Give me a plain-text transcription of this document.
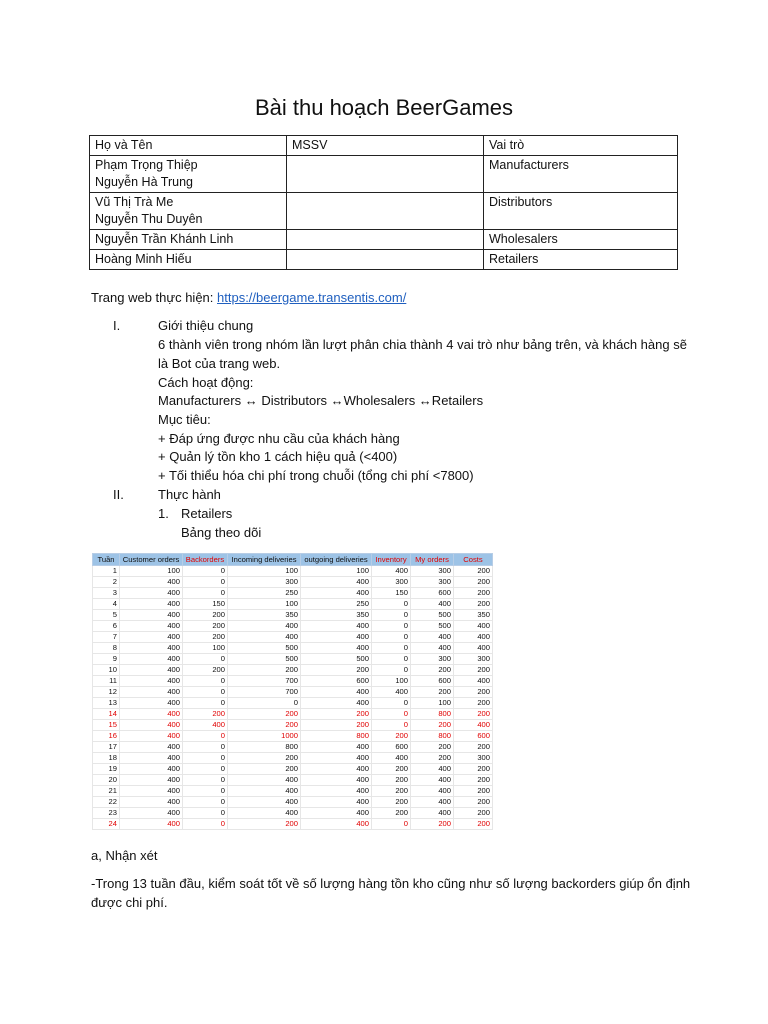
Bài thu hoạch BeerGames
Họ và Tên	MSSV	Vai trò

Phạm Trọng Thiệp
Nguyễn Hà Trung		Manufacturers

Vũ Thị Trà Me
Nguyễn Thu Duyên		Distributors

Nguyễn Trần Khánh Linh		Wholesalers

Hoàng Minh Hiếu		Retailers
Trang web thực hiện: https://beergame.transentis.com/
I.	Giới thiệu chung
6 thành viên trong nhóm lần lượt phân chia thành 4 vai trò như bảng trên, và khách hàng sẽ
là Bot của trang web.
Cách hoạt động:
Manufacturers ↔ Distributors ↔Wholesalers ↔Retailers
Mục tiêu:
+ Đáp ứng được nhu cầu của khách hàng
+ Quản lý tồn kho 1 cách hiệu quả (<400)
+ Tối thiểu hóa chi phí trong chuỗi (tổng chi phí <7800)
II.	Thực hành
1. Retailers
Bảng theo dõi
Tuần	Customer orders	Backorders	Incoming deliveries	outgoing deliveries	Inventory	My orders	Costs
1	100	0	100	100	400	300	200
2	400	0	300	400	300	300	200
3	400	0	250	400	150	600	200
4	400	150	100	250	0	400	200
5	400	200	350	350	0	500	350
6	400	200	400	400	0	500	400
7	400	200	400	400	0	400	400
8	400	100	500	400	0	400	400
9	400	0	500	500	0	300	300
10	400	200	200	200	0	200	200
11	400	0	700	600	100	600	400
12	400	0	700	400	400	200	200
13	400	0	0	400	0	100	200
14	400	200	200	200	0	800	200
15	400	400	200	200	0	200	400
16	400	0	1000	800	200	800	600
17	400	0	800	400	600	200	200
18	400	0	200	400	400	200	300
19	400	0	200	400	200	400	200
20	400	0	400	400	200	400	200
21	400	0	400	400	200	400	200
22	400	0	400	400	200	400	200
23	400	0	400	400	200	400	200
24	400	0	200	400	0	200	200
a, Nhận xét
-Trong 13 tuần đầu, kiểm soát tốt về số lượng hàng tồn kho cũng như số lượng backorders giúp ổn định
được chi phí.
